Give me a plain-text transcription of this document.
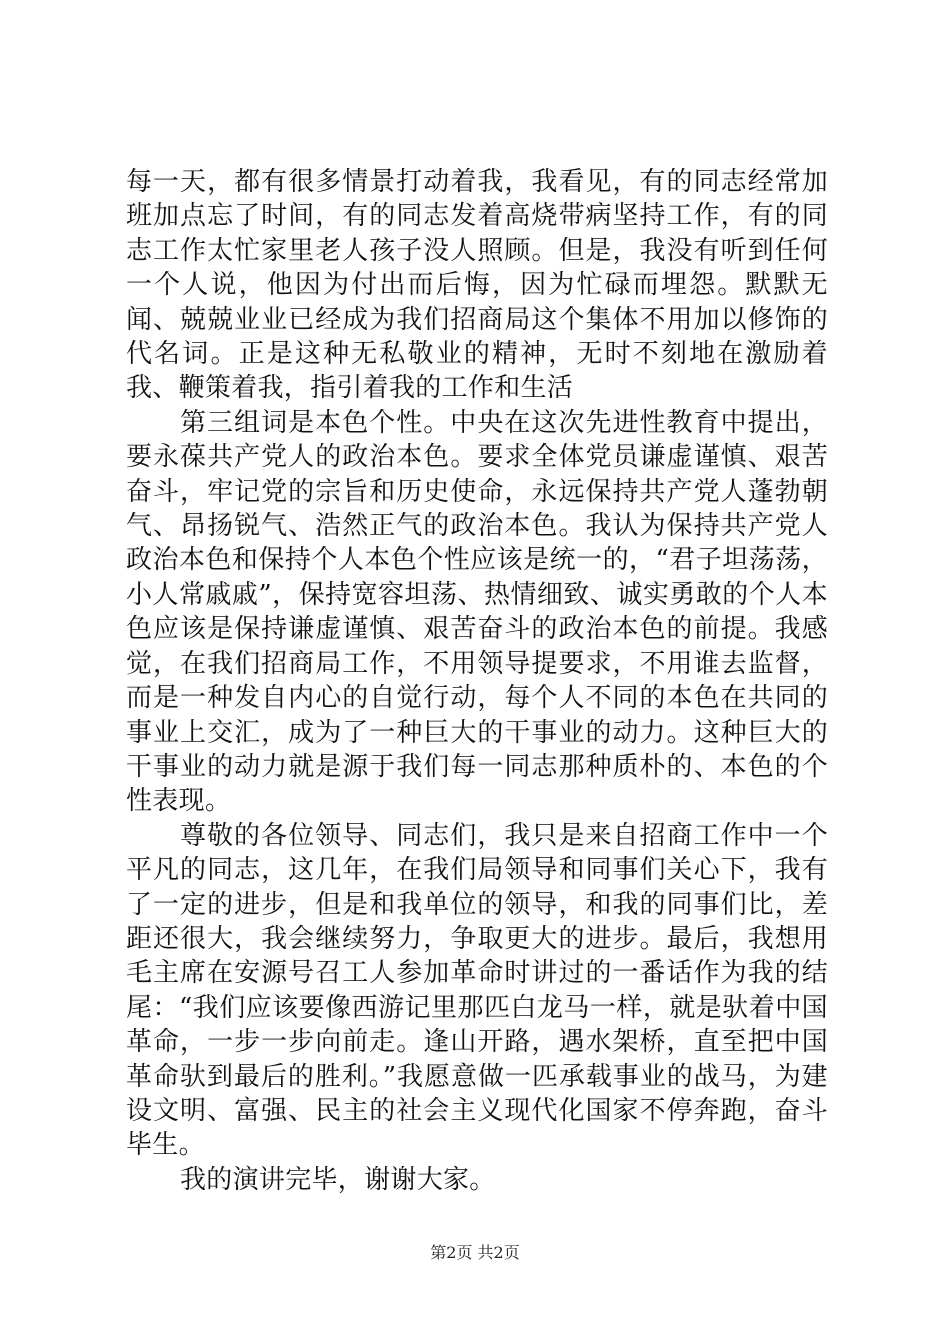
每一天，都有很多情景打动着我，我看见，有的同志经常加班加点忘了时间，有的同志发着高烧带病坚持工作，有的同志工作太忙家里老人孩子没人照顾。但是，我没有听到任何一个人说，他因为付出而后悔，因为忙碌而埋怨。默默无闻、兢兢业业已经成为我们招商局这个集体不用加以修饰的代名词。正是这种无私敬业的精神，无时不刻地在激励着我、鞭策着我，指引着我的工作和生活

第三组词是本色个性。中央在这次先进性教育中提出，要永葆共产党人的政治本色。要求全体党员谦虚谨慎、艰苦奋斗，牢记党的宗旨和历史使命，永远保持共产党人蓬勃朝气、昂扬锐气、浩然正气的政治本色。我认为保持共产党人政治本色和保持个人本色个性应该是统一的，“君子坦荡荡，小人常戚戚”，保持宽容坦荡、热情细致、诚实勇敢的个人本色应该是保持谦虚谨慎、艰苦奋斗的政治本色的前提。我感觉，在我们招商局工作，不用领导提要求，不用谁去监督，而是一种发自内心的自觉行动，每个人不同的本色在共同的事业上交汇，成为了一种巨大的干事业的动力。这种巨大的干事业的动力就是源于我们每一同志那种质朴的、本色的个性表现。

尊敬的各位领导、同志们，我只是来自招商工作中一个平凡的同志，这几年，在我们局领导和同事们关心下，我有了一定的进步，但是和我单位的领导，和我的同事们比，差距还很大，我会继续努力，争取更大的进步。最后，我想用毛主席在安源号召工人参加革命时讲过的一番话作为我的结尾：“我们应该要像西游记里那匹白龙马一样，就是驮着中国革命，一步一步向前走。逢山开路，遇水架桥，直至把中国革命驮到最后的胜利。”我愿意做一匹承载事业的战马，为建设文明、富强、民主的社会主义现代化国家不停奔跑，奋斗毕生。

我的演讲完毕，谢谢大家。

第2页 共2页
